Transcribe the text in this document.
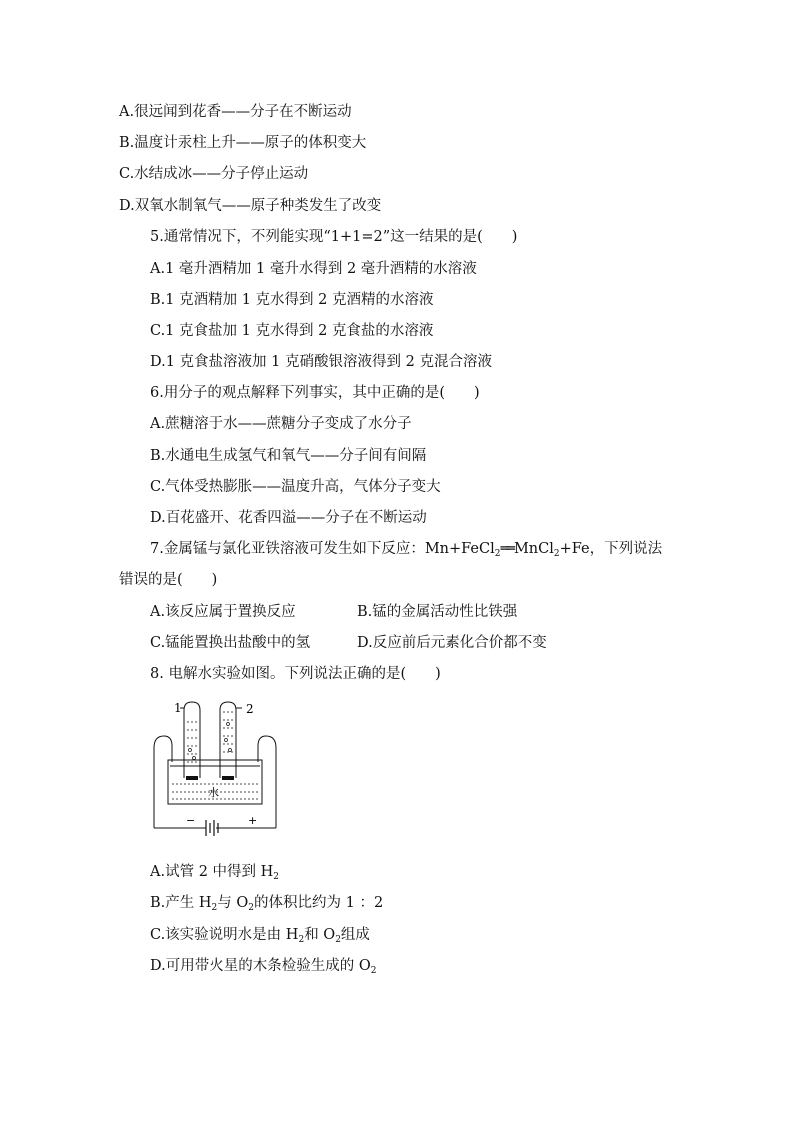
A.很远闻到花香——分子在不断运动
B.温度计汞柱上升——原子的体积变大
C.水结成冰——分子停止运动
D.双氧水制氧气——原子种类发生了改变
5.通常情况下，不列能实现“1+1=2”这一结果的是(　　)
A.1 毫升酒精加 1 毫升水得到 2 毫升酒精的水溶液
B.1 克酒精加 1 克水得到 2 克酒精的水溶液
C.1 克食盐加 1 克水得到 2 克食盐的水溶液
D.1 克食盐溶液加 1 克硝酸银溶液得到 2 克混合溶液
6.用分子的观点解释下列事实，其中正确的是(　　)
A.蔗糖溶于水——蔗糖分子变成了水分子
B.水通电生成氢气和氧气——分子间有间隔
C.气体受热膨胀——温度升高，气体分子变大
D.百花盛开、花香四溢——分子在不断运动
7.金属锰与氯化亚铁溶液可发生如下反应：Mn+FeCl$_2$══ MnCl$_2$+Fe，下列说法
错误的是(　　)
A.该反应属于置换反应	B.锰的金属活动性比铁强
C.锰能置换出盐酸中的氢	D.反应前后元素化合价都不变
8. 电解水实验如图。下列说法正确的是(　　)
1	2
水
−	+
A.试管 2 中得到 $H_2$
B.产生 $H_2$与 $O_2$的体积比约为 1 ：2
C.该实验说明水是由 $H_2$和 $O_2$组成
D.可用带火星的木条检验生成的 $O_2$
